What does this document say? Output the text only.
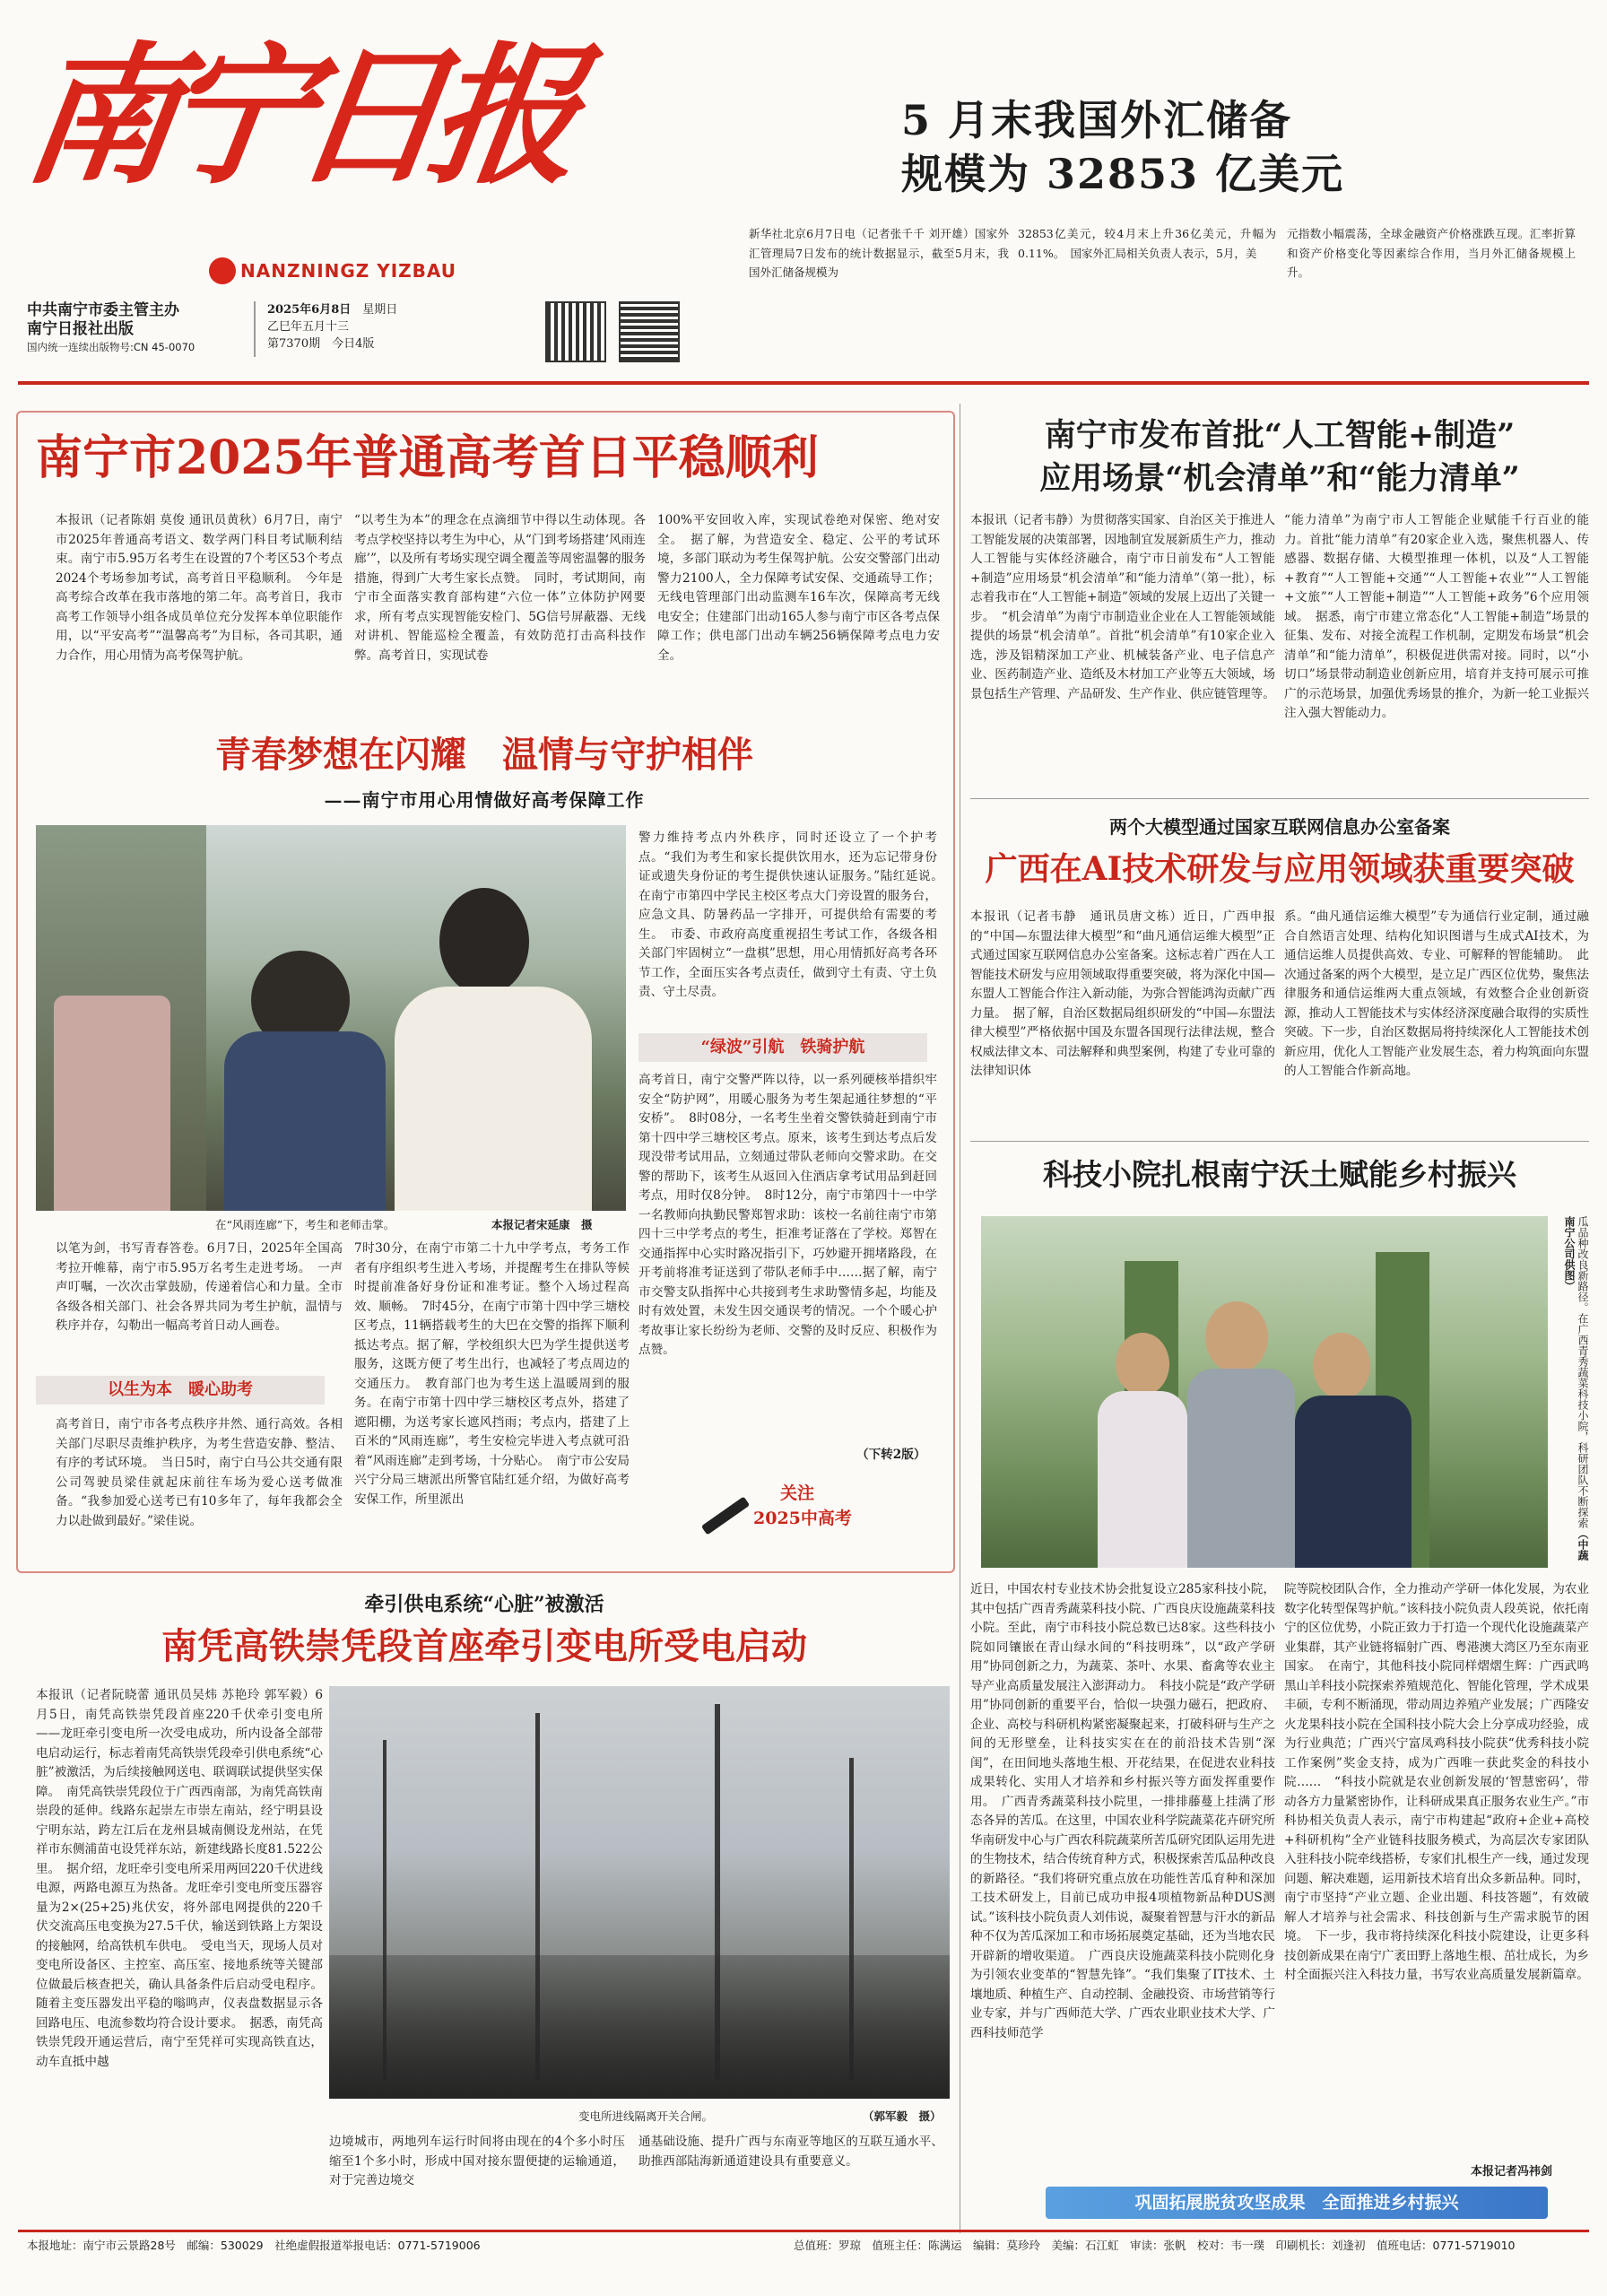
南宁日报
NANZNINGZ YIZBAU
中共南宁市委主管主办
南宁日报社出版
国内统一连续出版物号:CN 45-0070
2025年6月8日　 星期日
乙巳年五月十三
第7370期　 今日4版
5 月末我国外汇储备
规模为 32853 亿美元

新华社北京6月7日电（记者张千千 刘开雄）国家外汇管理局7日发布的统计数据显示，截至5月末，我国外汇储备规模为

32853亿美元，较4月末上升36亿美元，升幅为0.11%。　国家外汇局相关负责人表示，5月，美

元指数小幅震荡，全球金融资产价格涨跌互现。汇率折算和资产价格变化等因素综合作用，当月外汇储备规模上升。

南宁市2025年普通高考首日平稳顺利

本报讯（记者陈娟 莫俊 通讯员黄秋）6月7日，南宁市2025年普通高考语文、数学两门科目考试顺利结束。南宁市5.95万名考生在设置的7个考区53个考点2024个考场参加考试，高考首日平稳顺利。　今年是高考综合改革在我市落地的第二年。高考首日，我市高考工作领导小组各成员单位充分发挥本单位职能作用，以“平安高考”“温馨高考”为目标，各司其职，通力合作，用心用情为高考保驾护航。

“以考生为本”的理念在点滴细节中得以生动体现。各考点学校坚持以考生为中心，从“门到考场搭建‘风雨连廊’”，以及所有考场实现空调全覆盖等周密温馨的服务措施，得到广大考生家长点赞。　同时，考试期间，南宁市全面落实教育部构建“六位一体”立体防护网要求，所有考点实现智能安检门、5G信号屏蔽器、无线对讲机、智能巡检全覆盖，有效防范打击高科技作弊。高考首日，实现试卷

100%平安回收入库，实现试卷绝对保密、绝对安全。　据了解，为营造安全、稳定、公平的考试环境，多部门联动为考生保驾护航。公安交警部门出动警力2100人，全力保障考试安保、交通疏导工作；无线电管理部门出动监测车16车次，保障高考无线电安全；住建部门出动165人参与南宁市区各考点保障工作；供电部门出动车辆256辆保障考点电力安全。

青春梦想在闪耀　温情与守护相伴
——南宁市用心用情做好高考保障工作
在“风雨连廊”下，考生和老师击掌。	本报记者宋延康　摄

警力维持考点内外秩序，同时还设立了一个护考点。“我们为考生和家长提供饮用水，还为忘记带身份证或遗失身份证的考生提供快速认证服务。”陆红延说。　在南宁市第四中学民主校区考点大门旁设置的服务台，应急文具、防暑药品一字排开，可提供给有需要的考生。　市委、市政府高度重视招生考试工作，各级各相关部门牢固树立“一盘棋”思想，用心用情抓好高考各环节工作，全面压实各考点责任，做到守土有责、守土负责、守土尽责。

“绿波”引航　铁骑护航

高考首日，南宁交警严阵以待，以一系列硬核举措织牢安全“防护网”，用暖心服务为考生架起通往梦想的“平安桥”。　8时08分，一名考生坐着交警铁骑赶到南宁市第十四中学三塘校区考点。原来，该考生到达考点后发现没带考试用品，立刻通过带队老师向交警求助。在交警的帮助下，该考生从返回入住酒店拿考试用品到赶回考点，用时仅8分钟。　8时12分，南宁市第四十一中学一名教师向执勤民警郑智求助：该校一名前往南宁市第四十三中学考点的考生，拒准考证落在了学校。郑智在交通指挥中心实时路况指引下，巧妙避开拥堵路段，在开考前将准考证送到了带队老师手中……据了解，南宁市交警支队指挥中心共接到考生求助警情多起，均能及时有效处置，未发生因交通误考的情况。一个个暖心护考故事让家长纷纷为老师、交警的及时反应、积极作为点赞。

（下转2版）

以笔为剑，书写青春答卷。6月7日，2025年全国高考拉开帷幕，南宁市5.95万名考生走进考场。　一声声叮嘱，一次次击掌鼓励，传递着信心和力量。全市各级各相关部门、社会各界共同为考生护航，温情与秩序并存，勾勒出一幅高考首日动人画卷。

以生为本　暖心助考

高考首日，南宁市各考点秩序井然、通行高效。各相关部门尽职尽责维护秩序，为考生营造安静、整洁、有序的考试环境。　当日5时，南宁白马公共交通有限公司驾驶员梁佳就起床前往车场为爱心送考做准备。“我参加爱心送考已有10多年了，每年我都会全力以赴做到最好。”梁佳说。

7时30分，在南宁市第二十九中学考点，考务工作者有序组织考生进入考场，并提醒考生在排队等候时提前准备好身份证和准考证。整个入场过程高效、顺畅。　7时45分，在南宁市第十四中学三塘校区考点，11辆搭载考生的大巴在交警的指挥下顺利抵达考点。据了解，学校组织大巴为学生提供送考服务，这既方便了考生出行，也减轻了考点周边的交通压力。　教育部门也为考生送上温暖周到的服务。在南宁市第十四中学三塘校区考点外，搭建了遮阳棚，为送考家长遮风挡雨；考点内，搭建了上百米的“风雨连廊”，考生安检完毕进入考点就可沿着“风雨连廊”走到考场，十分贴心。　南宁市公安局兴宁分局三塘派出所警官陆红延介绍，为做好高考安保工作，所里派出	关注
2025中高考
牵引供电系统“心脏”被激活
南凭高铁崇凭段首座牵引变电所受电启动

本报讯（记者阮晓蕾 通讯员吴炜 苏艳玲 郭军毅）6月5日，南凭高铁崇凭段首座220千伏牵引变电所——龙旺牵引变电所一次受电成功，所内设备全部带电启动运行，标志着南凭高铁崇凭段牵引供电系统“心脏”被激活，为后续接触网送电、联调联试提供坚实保障。　南凭高铁崇凭段位于广西西南部，为南凭高铁南崇段的延伸。线路东起崇左市崇左南站，经宁明县设宁明东站，跨左江后在龙州县城南侧设龙州站，在凭祥市东侧浦苗屯设凭祥东站，新建线路长度81.522公里。　据介绍，龙旺牵引变电所采用两回220千伏进线电源，两路电源互为热备。龙旺牵引变电所变压器容量为2×(25+25)兆伏安，将外部电网提供的220千伏交流高压电变换为27.5千伏，输送到铁路上方架设的接触网，给高铁机车供电。　受电当天，现场人员对变电所设备区、主控室、高压室、接地系统等关键部位做最后核查把关，确认具备条件后启动受电程序。随着主变压器发出平稳的嗡鸣声，仪表盘数据显示各回路电压、电流参数均符合设计要求。　据悉，南凭高铁崇凭段开通运营后，南宁至凭祥可实现高铁直达，动车直抵中越

变电所进线隔离开关合闸。	（郭军毅　摄）

边境城市，两地列车运行时间将由现在的4个多小时压缩至1个多小时，形成中国对接东盟便捷的运输通道，对于完善边境交

通基础设施、提升广西与东南亚等地区的互联互通水平、助推西部陆海新通道建设具有重要意义。

南宁市发布首批“人工智能+制造”
应用场景“机会清单”和“能力清单”

本报讯（记者韦静）为贯彻落实国家、自治区关于推进人工智能发展的决策部署，因地制宜发展新质生产力，推动人工智能与实体经济融合，南宁市日前发布“人工智能+制造”应用场景“机会清单”和“能力清单”（第一批），标志着我市在“人工智能+制造”领域的发展上迈出了关键一步。　“机会清单”为南宁市制造业企业在人工智能领域能提供的场景“机会清单”。首批“机会清单”有10家企业入选，涉及铝精深加工产业、机械装备产业、电子信息产业、医药制造产业、造纸及木材加工产业等五大领域，场景包括生产管理、产品研发、生产作业、供应链管理等。

“能力清单”为南宁市人工智能企业赋能千行百业的能力。首批“能力清单”有20家企业入选，聚焦机器人、传感器、数据存储、大模型推理一体机，以及“人工智能+教育”“人工智能+交通”“人工智能+农业”“人工智能+文旅”“人工智能+制造”“人工智能+政务”6个应用领域。　据悉，南宁市建立常态化“人工智能+制造”场景的征集、发布、对接全流程工作机制，定期发布场景“机会清单”和“能力清单”，积极促进供需对接。同时，以“小切口”场景带动制造业创新应用，培育并支持可展示可推广的示范场景，加强优秀场景的推介，为新一轮工业振兴注入强大智能动力。

两个大模型通过国家互联网信息办公室备案
广西在AI技术研发与应用领域获重要突破

本报讯（记者韦静　通讯员唐文栋）近日，广西申报的“中国—东盟法律大模型”和“曲凡通信运维大模型”正式通过国家互联网信息办公室备案。这标志着广西在人工智能技术研发与应用领域取得重要突破，将为深化中国—东盟人工智能合作注入新动能，为弥合智能鸿沟贡献广西力量。　据了解，自治区数据局组织研发的“中国—东盟法律大模型”严格依据中国及东盟各国现行法律法规，整合权威法律文本、司法解释和典型案例，构建了专业可靠的法律知识体

系。“曲凡通信运维大模型”专为通信行业定制，通过融合自然语言处理、结构化知识图谱与生成式AI技术，为通信运维人员提供高效、专业、可解释的智能辅助。　此次通过备案的两个大模型，是立足广西区位优势，聚焦法律服务和通信运维两大重点领域，有效整合企业创新资源，推动人工智能技术与实体经济深度融合取得的实质性突破。下一步，自治区数据局将持续深化人工智能技术创新应用，优化人工智能产业发展生态，着力构筑面向东盟的人工智能合作新高地。

科技小院扎根南宁沃土赋能乡村振兴
瓜品种改良新路径。在广西青秀蔬菜科技小院，科研团队不断探索（中蔬南宁公司供图）

近日，中国农村专业技术协会批复设立285家科技小院，其中包括广西青秀蔬菜科技小院、广西良庆设施蔬菜科技小院。至此，南宁市科技小院总数已达8家。这些科技小院如同镶嵌在青山绿水间的“科技明珠”，以“政产学研用”协同创新之力，为蔬菜、茶叶、水果、畜禽等农业主导产业高质量发展注入澎湃动力。　科技小院是“政产学研用”协同创新的重要平台，恰似一块强力磁石，把政府、企业、高校与科研机构紧密凝聚起来，打破科研与生产之间的无形壁垒，让科技实实在在的前沿技术告别“深闺”，在田间地头落地生根、开花结果，在促进农业科技成果转化、实用人才培养和乡村振兴等方面发挥重要作用。　广西青秀蔬菜科技小院里，一排排藤蔓上挂满了形态各异的苦瓜。在这里，中国农业科学院蔬菜花卉研究所华南研发中心与广西农科院蔬菜所苦瓜研究团队运用先进的生物技术，结合传统育种方式，积极探索苦瓜品种改良的新路径。“我们将研究重点放在功能性苦瓜育种和深加工技术研发上，目前已成功申报4项植物新品种DUS测试。”该科技小院负责人刘伟说，凝聚着智慧与汗水的新品种不仅为苦瓜深加工和市场拓展奠定基础，还为当地农民开辟新的增收渠道。　广西良庆设施蔬菜科技小院则化身为引领农业变革的“智慧先锋”。“我们集聚了IT技术、土壤地质、种植生产、自动控制、金融投资、市场营销等行业专家，并与广西师范大学、广西农业职业技术大学、广西科技师范学

院等院校团队合作，全力推动产学研一体化发展，为农业数字化转型保驾护航。”该科技小院负责人段英说，依托南宁的区位优势，小院正致力于打造一个现代化设施蔬菜产业集群，其产业链将辐射广西、粤港澳大湾区乃至东南亚国家。　在南宁，其他科技小院同样熠熠生辉：广西武鸣黑山羊科技小院探索养殖规范化、智能化管理，学术成果丰硕，专利不断涌现，带动周边养殖产业发展；广西隆安火龙果科技小院在全国科技小院大会上分享成功经验，成为行业典范；广西兴宁富凤鸡科技小院获“优秀科技小院工作案例”奖金支持，成为广西唯一获此奖金的科技小院……　“科技小院就是农业创新发展的‘智慧密码’，带动各方力量紧密协作，让科研成果真正服务农业生产。”市科协相关负责人表示，南宁市构建起“政府+企业+高校+科研机构”全产业链科技服务模式，为高层次专家团队入驻科技小院牵线搭桥，专家们扎根生产一线，通过发现问题、解决难题，运用新技术培育出众多新品种。同时，南宁市坚持“产业立题、企业出题、科技答题”，有效破解人才培养与社会需求、科技创新与生产需求脱节的困境。　下一步，我市将持续深化科技小院建设，让更多科技创新成果在南宁广袤田野上落地生根、茁壮成长，为乡村全面振兴注入科技力量，书写农业高质量发展新篇章。

本报记者冯祎剑
巩固拓展脱贫攻坚成果　全面推进乡村振兴
本报地址：南宁市云景路28号　邮编：530029　社绝虚假报道举报电话：0771-5719006	总值班：罗琼　值班主任：陈满运　编辑：莫珍玲　美编：石江虹　审读：张帆　校对：韦一璞　印刷机长：刘逢初　值班电话：0771-5719010
